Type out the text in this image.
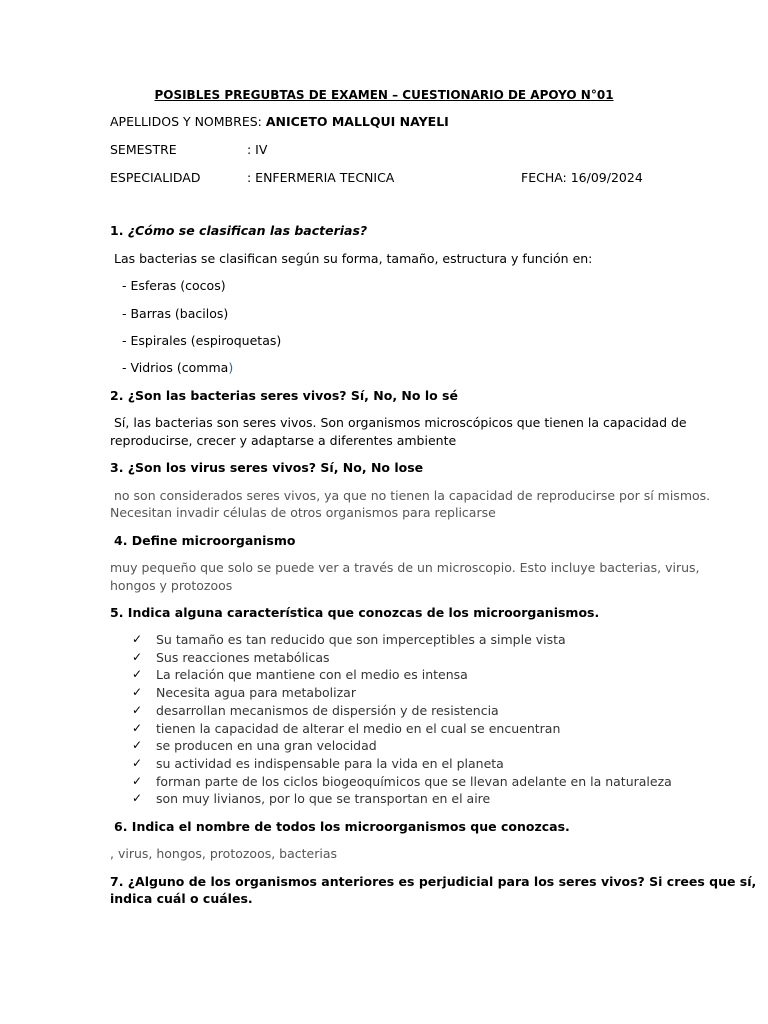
POSIBLES PREGUBTAS DE EXAMEN – CUESTIONARIO DE APOYO N°01
APELLIDOS Y NOMBRES: ANICETO MALLQUI NAYELI
SEMESTRE	: IV
ESPECIALIDAD	: ENFERMERIA TECNICA	FECHA: 16/09/2024
1. ¿Cómo se clasifican las bacterias?
Las bacterias se clasifican según su forma, tamaño, estructura y función en:
- Esferas (cocos)
- Barras (bacilos)
- Espirales (espiroquetas)
- Vidrios (comma)
2. ¿Son las bacterias seres vivos? Sí, No, No lo sé
Sí, las bacterias son seres vivos. Son organismos microscópicos que tienen la capacidad de
reproducirse, crecer y adaptarse a diferentes ambiente
3. ¿Son los virus seres vivos? Sí, No, No lose
no son considerados seres vivos, ya que no tienen la capacidad de reproducirse por sí mismos.
Necesitan invadir células de otros organismos para replicarse
4. Define microorganismo
muy pequeño que solo se puede ver a través de un microscopio. Esto incluye bacterias, virus,
hongos y protozoos
5. Indica alguna característica que conozcas de los microorganismos.
✓ Su tamaño es tan reducido que son imperceptibles a simple vista
✓ Sus reacciones metabólicas
✓ La relación que mantiene con el medio es intensa
✓ Necesita agua para metabolizar
✓ desarrollan mecanismos de dispersión y de resistencia
✓ tienen la capacidad de alterar el medio en el cual se encuentran
✓ se producen en una gran velocidad
✓ su actividad es indispensable para la vida en el planeta
✓ forman parte de los ciclos biogeoquímicos que se llevan adelante en la naturaleza
✓ son muy livianos, por lo que se transportan en el aire
6. Indica el nombre de todos los microorganismos que conozcas.
, virus, hongos, protozoos, bacterias
7. ¿Alguno de los organismos anteriores es perjudicial para los seres vivos? Si crees que sí,
indica cuál o cuáles.
